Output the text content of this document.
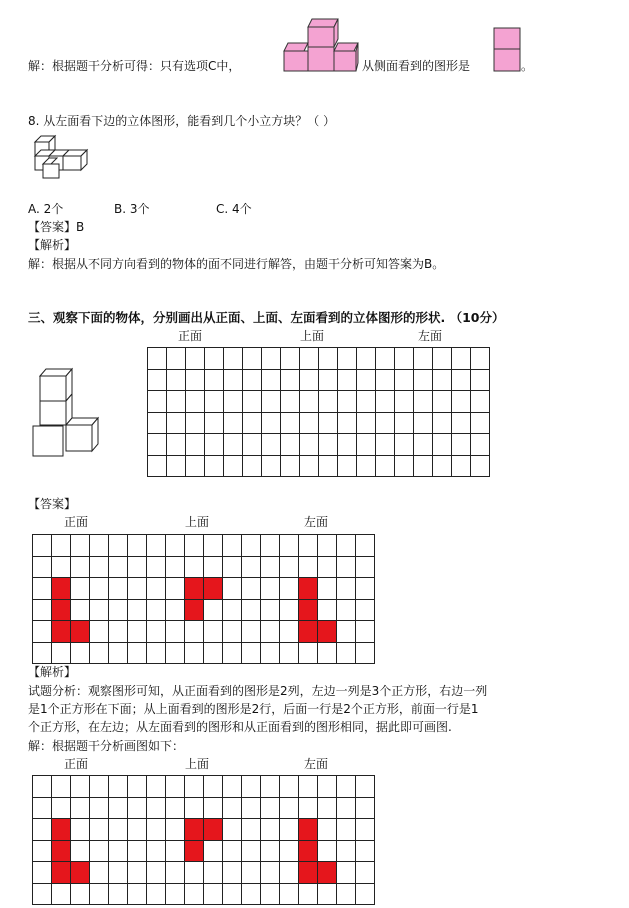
解：根据题干分析可得：只有选项C中，	从侧面看到的图形是	。
8. 从左面看下边的立体图形，能看到几个小立方块？（ ）
A. 2个	B. 3个	C. 4个
【答案】B
【解析】
解：根据从不同方向看到的物体的面不同进行解答，由题干分析可知答案为B。
三、观察下面的物体，分别画出从正面、上面、左面看到的立体图形的形状. （10分）
正面	上面	左面
【答案】
正面	上面	左面
【解析】
试题分析：观察图形可知，从正面看到的图形是2列，左边一列是3个正方形，右边一列
是1个正方形在下面；从上面看到的图形是2行，后面一行是2个正方形，前面一行是1
个正方形，在左边；从左面看到的图形和从正面看到的图形相同，据此即可画图.
解：根据题干分析画图如下：
正面	上面	左面
